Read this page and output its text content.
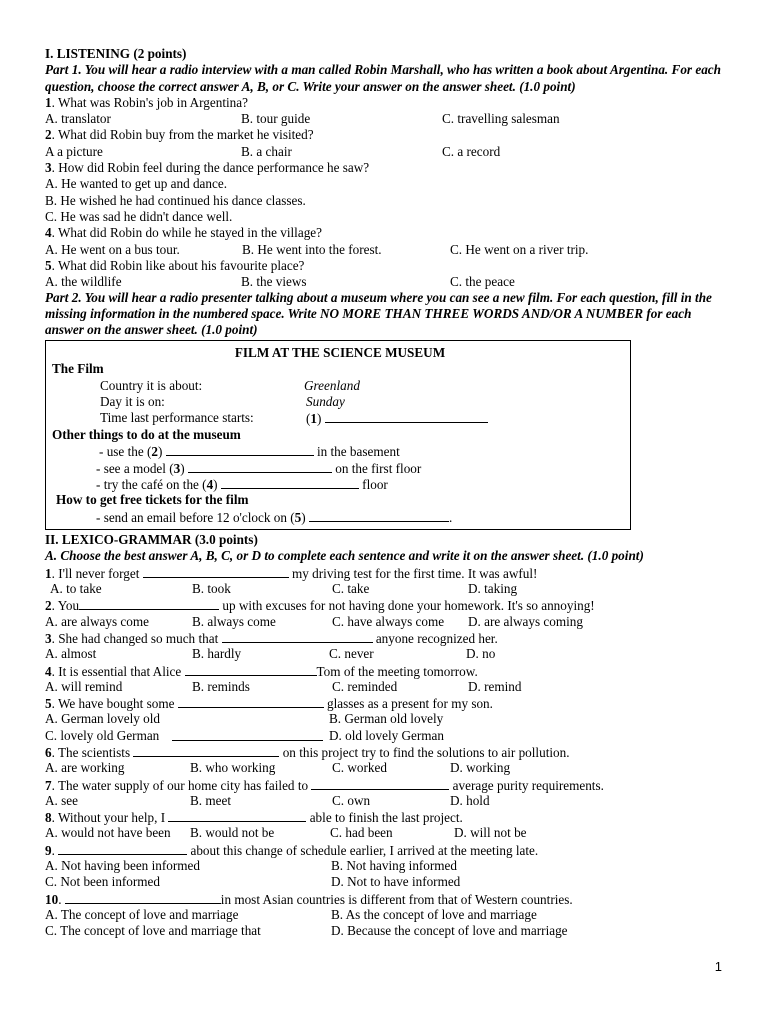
I. LISTENING (2 points)
Part 1. You will hear a radio interview with a man called Robin Marshall, who has written a book about Argentina. For each question, choose the correct answer A, B, or C. Write your answer on the answer sheet. (1.0 point)
1. What was Robin's job in Argentina?
A. translator	B. tour guide	C. travelling salesman
2. What did Robin buy from the market he visited?
A a picture	B. a chair	C. a record
3. How did Robin feel during the dance performance he saw?
A. He wanted to get up and dance.
B. He wished he had continued his dance classes.
C. He was sad he didn't dance well.
4. What did Robin do while he stayed in the village?
A. He went on a bus tour.	B. He went into the forest.	C. He went on a river trip.
5. What did Robin like about his favourite place?
A. the wildlife	B. the views	C. the peace
Part 2. You will hear a radio presenter talking about a museum where you can see a new film. For each question, fill in the missing information in the numbered space. Write NO MORE THAN THREE WORDS AND/OR A NUMBER for each answer on the answer sheet. (1.0 point)
FILM AT THE SCIENCE MUSEUM
The Film
Country it is about:	Greenland
Day it is on:	Sunday
Time last performance starts:	(1)
Other things to do at the museum
- use the (2)	in the basement
- see a model (3)	on the first floor
- try the café on the (4)	floor
How to get free tickets for the film
- send an email before 12 o'clock on (5)	.
II. LEXICO-GRAMMAR (3.0 points)
A. Choose the best answer A, B, C, or D to complete each sentence and write it on the answer sheet. (1.0 point)
1. I'll never forget	my driving test for the first time. It was awful!
A. to take	B. took	C. take	D. taking
2. You	up with excuses for not having done your homework. It's so annoying!
A. are always come	B. always come	C. have always come D. are always coming
3. She had changed so much that	anyone recognized her.
A. almost	B. hardly	C. never	D. no
4. It is essential that Alice	Tom of the meeting tomorrow.
A. will remind	B. reminds	C. reminded	D. remind
5. We have bought some	glasses as a present for my son.
A. German lovely old	B. German old lovely
C. lovely old German	D. old lovely German
6. The scientists	on this project try to find the solutions to air pollution.
A. are working	B. who working	C. worked	D. working
7. The water supply of our home city has failed to	average purity requirements.
A. see	B. meet	C. own	D. hold
8. Without your help, I	able to finish the last project.
A. would not have been B. would not be	C. had been	D. will not be
9.	about this change of schedule earlier, I arrived at the meeting late.
A. Not having been informed	B. Not having informed
C. Not been informed	D. Not to have informed
10.	in most Asian countries is different from that of Western countries.
A. The concept of love and marriage	B. As the concept of love and marriage
C. The concept of love and marriage that	D. Because the concept of love and marriage
1
